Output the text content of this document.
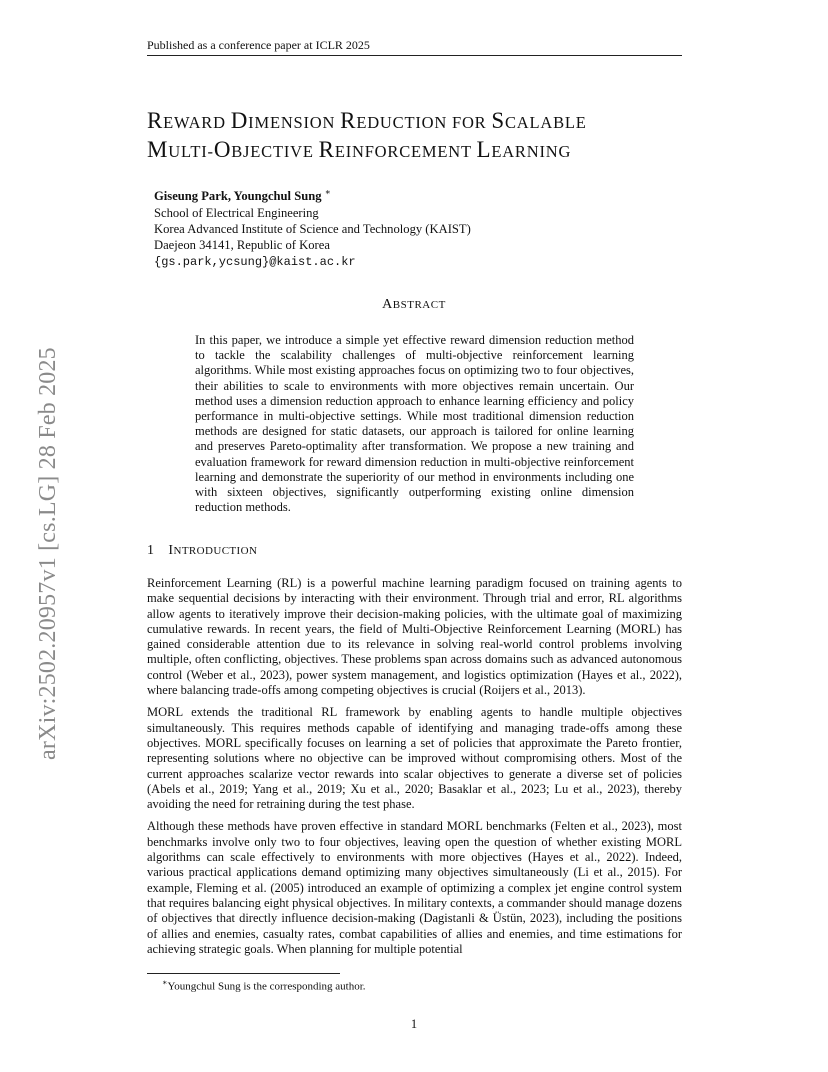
Published as a conference paper at ICLR 2025
arXiv:2502.20957v1 [cs.LG] 28 Feb 2025
REWARD DIMENSION REDUCTION FOR SCALABLE
MULTI-OBJECTIVE REINFORCEMENT LEARNING
Giseung Park, Youngchul Sung ∗
School of Electrical Engineering
Korea Advanced Institute of Science and Technology (KAIST)
Daejeon 34141, Republic of Korea
{gs.park,ycsung}@kaist.ac.kr
ABSTRACT
In this paper, we introduce a simple yet effective reward dimension reduction method to tackle the scalability challenges of multi-objective reinforcement learning algorithms. While most existing approaches focus on optimizing two to four objectives, their abilities to scale to environments with more objectives remain uncertain. Our method uses a dimension reduction approach to enhance learning efficiency and policy performance in multi-objective settings. While most traditional dimension reduction methods are designed for static datasets, our approach is tailored for online learning and preserves Pareto-optimality after transformation. We propose a new training and evaluation framework for reward dimension reduction in multi-objective reinforcement learning and demonstrate the superiority of our method in environments including one with sixteen objectives, significantly outperforming existing online dimension reduction methods.
1 INTRODUCTION

Reinforcement Learning (RL) is a powerful machine learning paradigm focused on training agents to make sequential decisions by interacting with their environment. Through trial and error, RL algorithms allow agents to iteratively improve their decision-making policies, with the ultimate goal of maximizing cumulative rewards. In recent years, the field of Multi-Objective Reinforcement Learning (MORL) has gained considerable attention due to its relevance in solving real-world control problems involving multiple, often conflicting, objectives. These problems span across domains such as advanced autonomous control (Weber et al., 2023), power system management, and logistics optimization (Hayes et al., 2022), where balancing trade-offs among competing objectives is crucial (Roijers et al., 2013).

MORL extends the traditional RL framework by enabling agents to handle multiple objectives simultaneously. This requires methods capable of identifying and managing trade-offs among these objectives. MORL specifically focuses on learning a set of policies that approximate the Pareto frontier, representing solutions where no objective can be improved without compromising others. Most of the current approaches scalarize vector rewards into scalar objectives to generate a diverse set of policies (Abels et al., 2019; Yang et al., 2019; Xu et al., 2020; Basaklar et al., 2023; Lu et al., 2023), thereby avoiding the need for retraining during the test phase.

Although these methods have proven effective in standard MORL benchmarks (Felten et al., 2023), most benchmarks involve only two to four objectives, leaving open the question of whether existing MORL algorithms can scale effectively to environments with more objectives (Hayes et al., 2022). Indeed, various practical applications demand optimizing many objectives simultaneously (Li et al., 2015). For example, Fleming et al. (2005) introduced an example of optimizing a complex jet engine control system that requires balancing eight physical objectives. In military contexts, a commander should manage dozens of objectives that directly influence decision-making (Dagistanli & Üstün, 2023), including the positions of allies and enemies, casualty rates, combat capabilities of allies and enemies, and time estimations for achieving strategic goals. When planning for multiple potential

∗Youngchul Sung is the corresponding author.
1
